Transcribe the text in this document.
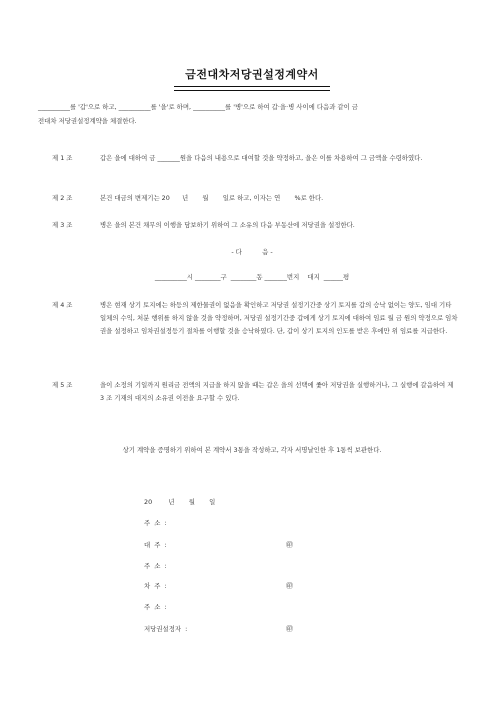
금전대차저당권설정계약서
__________를 '갑'으로 하고, __________를 '을'로 하며, __________를 '병'으로 하여 갑·을·병 사이에 다음과 같이 금
전대차 저당권설정계약을 체결한다.
제 1 조	갑은 을에 대하여 금 _______원을 다음의 내용으로 대여할 것을 약정하고, 을은 이를 차용하여 그 금액을 수령하였다.
제 2 조	본건 대금의 변제기는 20      년       월       일로 하고, 이자는 연       %로 한다.
제 3 조	병은 을의 본건 채무의 이행을 담보하기 위하여 그 소유의 다음 부동산에 저당권을 설정한다.
- 다          음 -
__________시 ________구  ________동 _______번지    대지  ______평
제 4 조	병은 현재 상기 토지에는 하등의 제한물권이 없음을 확인하고 저당권 설정기간중 상기 토지를 갑의 승낙 없이는 양도, 임대 기타 일체의 수익, 처분 행위를 하지 않을 것을 약정하며, 저당권 설정기간중 갑에게 상기 토지에 대하여 임료 월 금 원의 약정으로 임차권을 설정하고 임차권설정등기 절차를 이행할 것을 승낙하였다. 단, 갑이 상기 토지의 인도를 받은 후에만 위 임료를 지급한다.
제 5 조	을이 소정의 기일까지 원리금 전액의 지급을 하지 않을 때는 갑은 을의 선택에 좇아 저당권을 실행하거나, 그 실행에 갈음하여 제 3 조 기재의 대지의 소유권 이전을 요구할 수 있다.
상기 계약을 증명하기 위하여 본 계약서 3통을 작성하고, 각자 서명날인한 후 1통씩 보관한다.
20        년       월       일
주  소  :
대  주  :	㊞
주  소  :
차  주  :	㊞
주  소  :
저당권설정자  :	㊞
